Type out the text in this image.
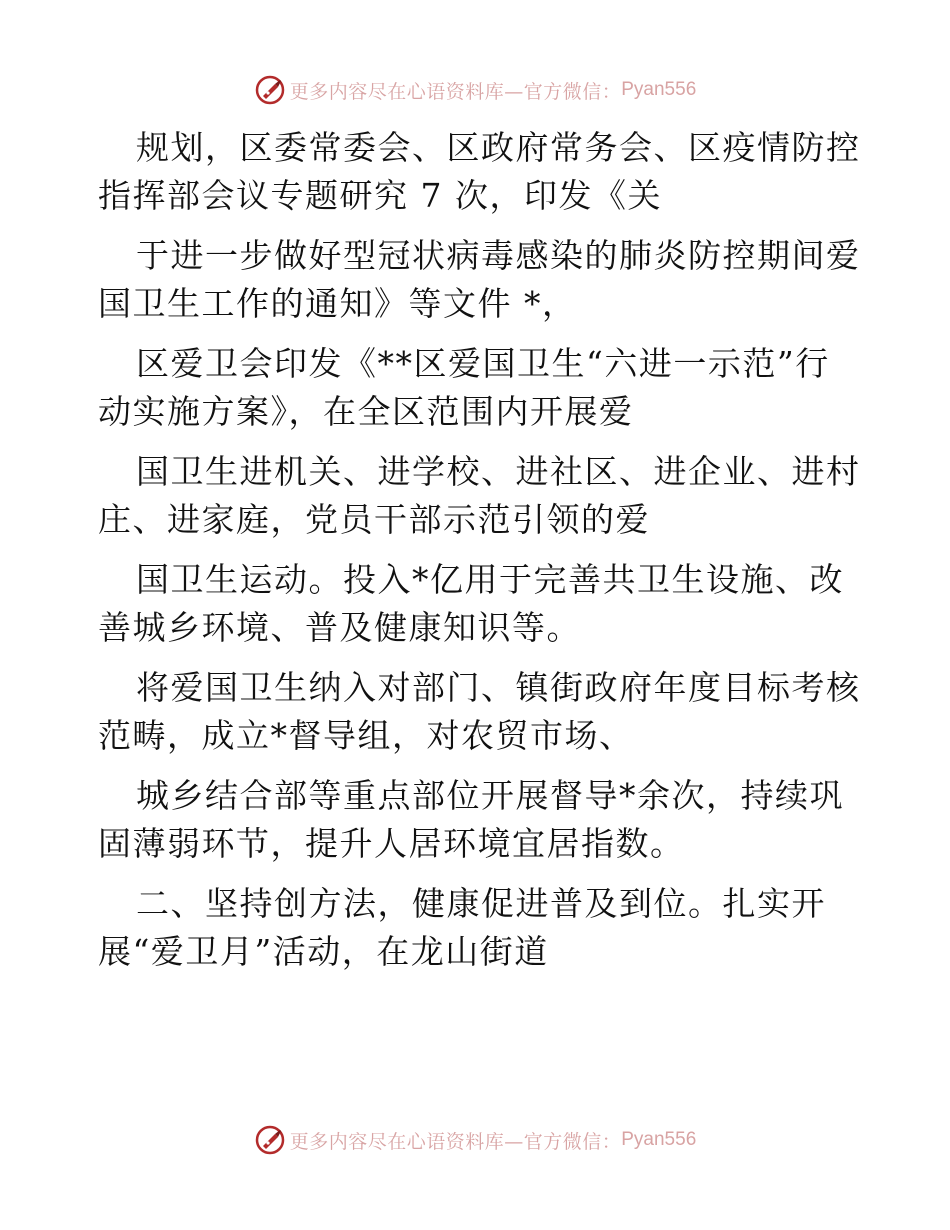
更多内容尽在心语资料库—官方微信： Pyan556

规划，区委常委会、区政府常务会、区疫情防控

指挥部会议专题研究 7 次，印发《关

于进一步做好型冠状病毒感染的肺炎防控期间爱

国卫生工作的通知》等文件 *，

区爱卫会印发《**区爱国卫生“六进一示范”行

动实施方案》，在全区范围内开展爱

国卫生进机关、进学校、进社区、进企业、进村

庄、进家庭，党员干部示范引领的爱

国卫生运动。投入*亿用于完善共卫生设施、改

善城乡环境、普及健康知识等。

将爱国卫生纳入对部门、镇街政府年度目标考核

范畴，成立*督导组，对农贸市场、

城乡结合部等重点部位开展督导*余次，持续巩

固薄弱环节，提升人居环境宜居指数。

二、坚持创方法，健康促进普及到位。扎实开

展“爱卫月”活动，在龙山街道

更多内容尽在心语资料库—官方微信： Pyan556
